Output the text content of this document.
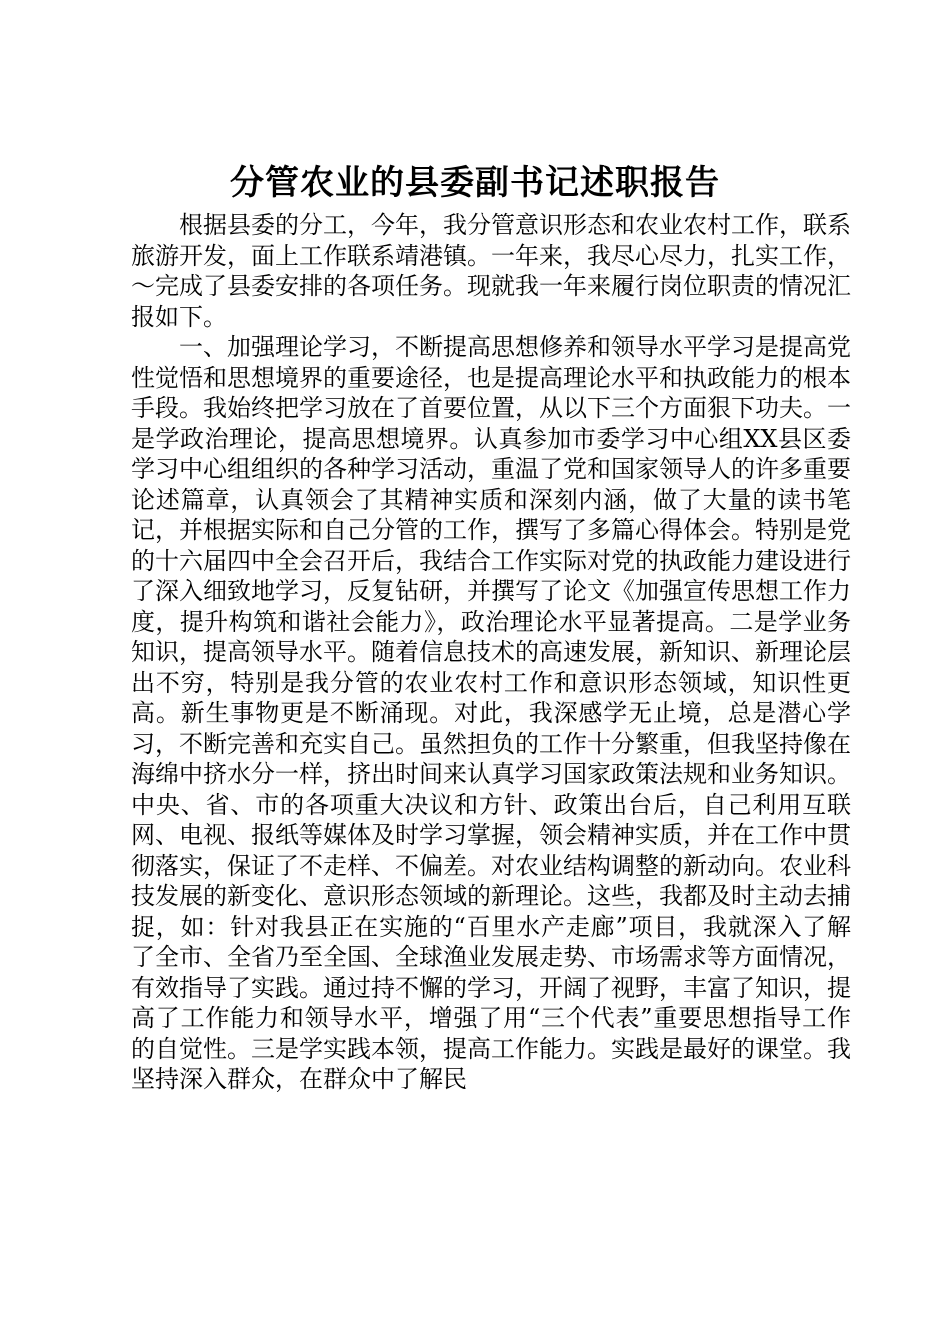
分管农业的县委副书记述职报告

根据县委的分工，今年，我分管意识形态和农业农村工作，联系旅游开发，面上工作联系靖港镇。一年来，我尽心尽力，扎实工作，～完成了县委安排的各项任务。现就我一年来履行岗位职责的情况汇报如下。

一、加强理论学习，不断提高思想修养和领导水平学习是提高党性觉悟和思想境界的重要途径，也是提高理论水平和执政能力的根本手段。我始终把学习放在了首要位置，从以下三个方面狠下功夫。一是学政治理论，提高思想境界。认真参加市委学习中心组XX县区委学习中心组组织的各种学习活动，重温了党和国家领导人的许多重要论述篇章，认真领会了其精神实质和深刻内涵，做了大量的读书笔记，并根据实际和自己分管的工作，撰写了多篇心得体会。特别是党的十六届四中全会召开后，我结合工作实际对党的执政能力建设进行了深入细致地学习，反复钻研，并撰写了论文《加强宣传思想工作力度，提升构筑和谐社会能力》，政治理论水平显著提高。二是学业务知识，提高领导水平。随着信息技术的高速发展，新知识、新理论层出不穷，特别是我分管的农业农村工作和意识形态领域，知识性更高。新生事物更是不断涌现。对此，我深感学无止境，总是潜心学习，不断完善和充实自己。虽然担负的工作十分繁重，但我坚持像在海绵中挤水分一样，挤出时间来认真学习国家政策法规和业务知识。中央、省、市的各项重大决议和方针、政策出台后，自己利用互联网、电视、报纸等媒体及时学习掌握，领会精神实质，并在工作中贯彻落实，保证了不走样、不偏差。对农业结构调整的新动向。农业科技发展的新变化、意识形态领域的新理论。这些，我都及时主动去捕捉，如：针对我县正在实施的“百里水产走廊”项目，我就深入了解了全市、全省乃至全国、全球渔业发展走势、市场需求等方面情况，有效指导了实践。通过持不懈的学习，开阔了视野，丰富了知识，提高了工作能力和领导水平，增强了用“三个代表”重要思想指导工作的自觉性。三是学实践本领，提高工作能力。实践是最好的课堂。我坚持深入群众，在群众中了解民
